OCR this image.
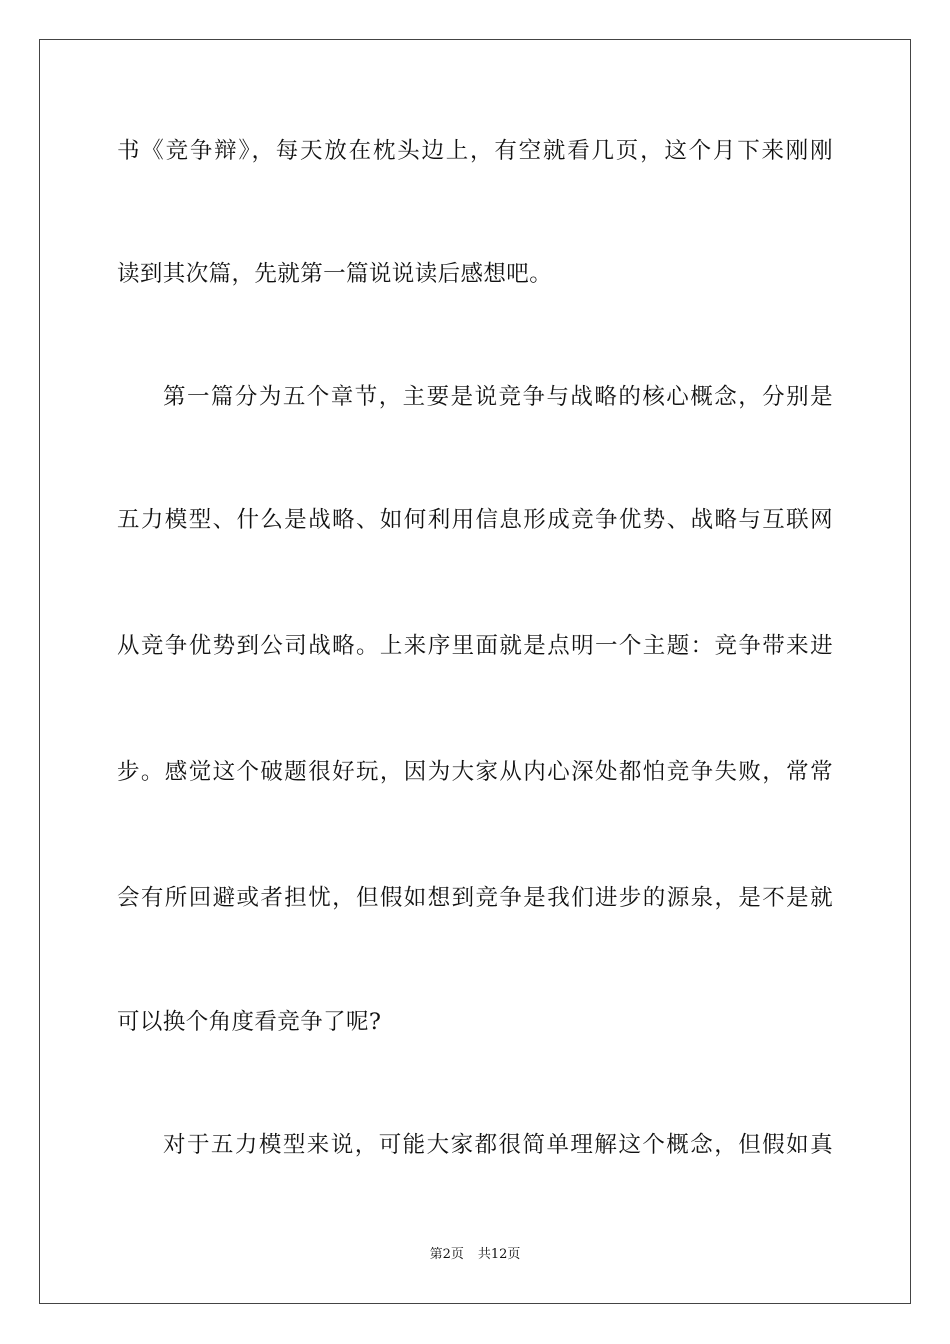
书《竞争辩》，每天放在枕头边上，有空就看几页，这个月下来刚刚
读到其次篇，先就第一篇说说读后感想吧。
第一篇分为五个章节，主要是说竞争与战略的核心概念，分别是
五力模型、什么是战略、如何利用信息形成竞争优势、战略与互联网
从竞争优势到公司战略。上来序里面就是点明一个主题：竞争带来进
步。感觉这个破题很好玩，因为大家从内心深处都怕竞争失败，常常
会有所回避或者担忧，但假如想到竞争是我们进步的源泉，是不是就
可以换个角度看竞争了呢?
对于五力模型来说，可能大家都很简单理解这个概念，但假如真
第2页 共12页
